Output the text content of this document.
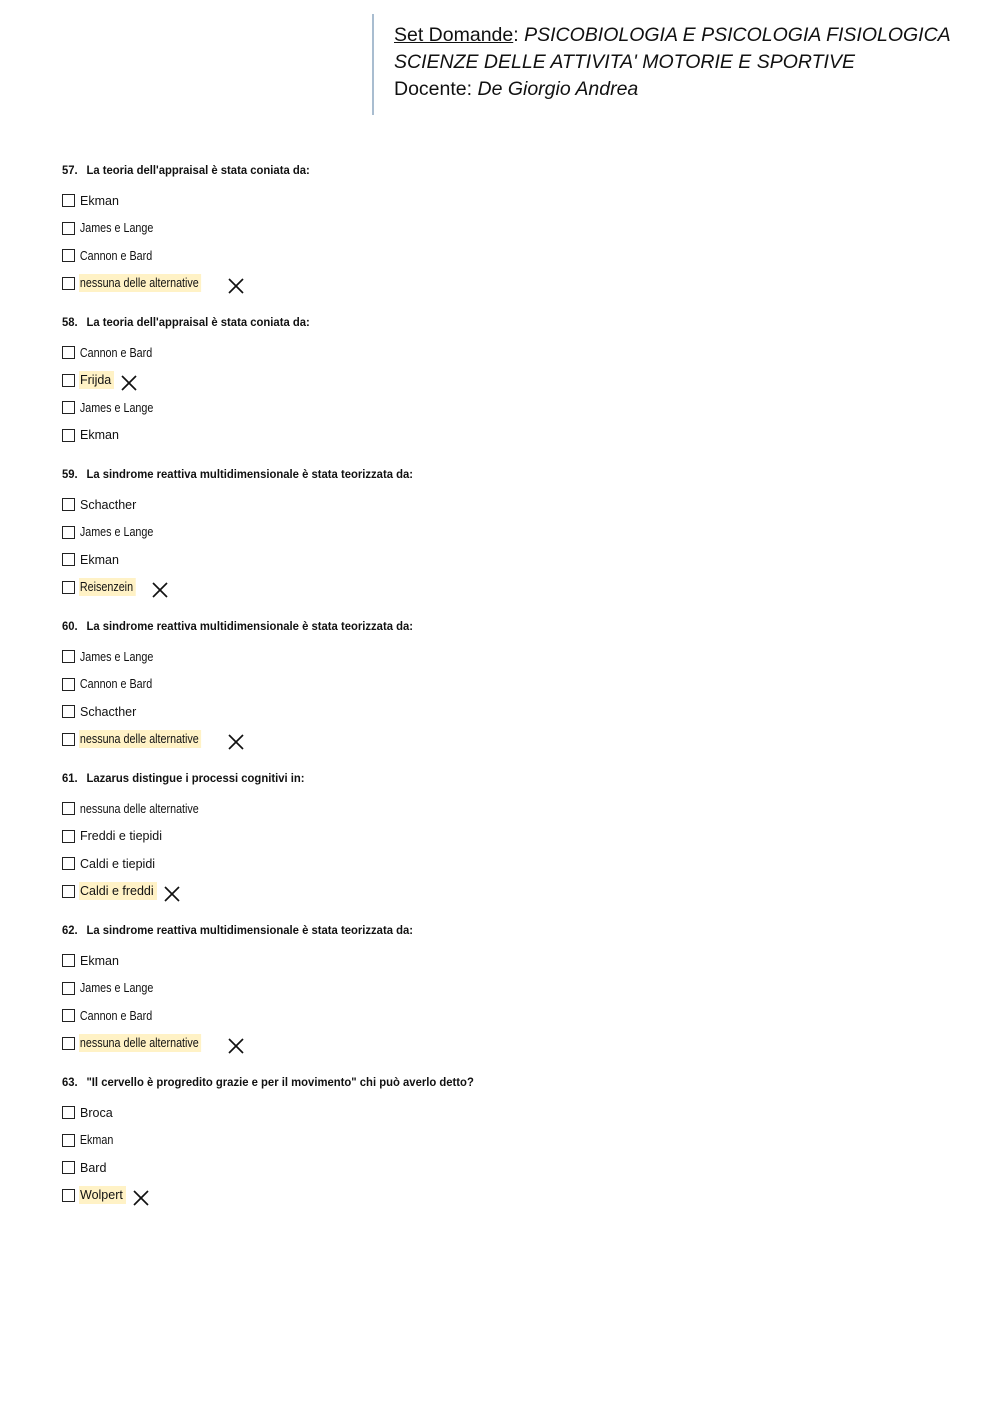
Set Domande: PSICOBIOLOGIA E PSICOLOGIA FISIOLOGICA
SCIENZE DELLE ATTIVITA' MOTORIE E SPORTIVE
Docente: De Giorgio Andrea
57. La teoria dell'appraisal è stata coniata da:
Ekman
James e Lange
Cannon e Bard
nessuna delle alternative
58. La teoria dell'appraisal è stata coniata da:
Cannon e Bard
Frijda
James e Lange
Ekman
59. La sindrome reattiva multidimensionale è stata teorizzata da:
Schacther
James e Lange
Ekman
Reisenzein
60. La sindrome reattiva multidimensionale è stata teorizzata da:
James e Lange
Cannon e Bard
Schacther
nessuna delle alternative
61. Lazarus distingue i processi cognitivi in:
nessuna delle alternative
Freddi e tiepidi
Caldi e tiepidi
Caldi e freddi
62. La sindrome reattiva multidimensionale è stata teorizzata da:
Ekman
James e Lange
Cannon e Bard
nessuna delle alternative
63. "Il cervello è progredito grazie e per il movimento" chi può averlo detto?
Broca
Ekman
Bard
Wolpert
